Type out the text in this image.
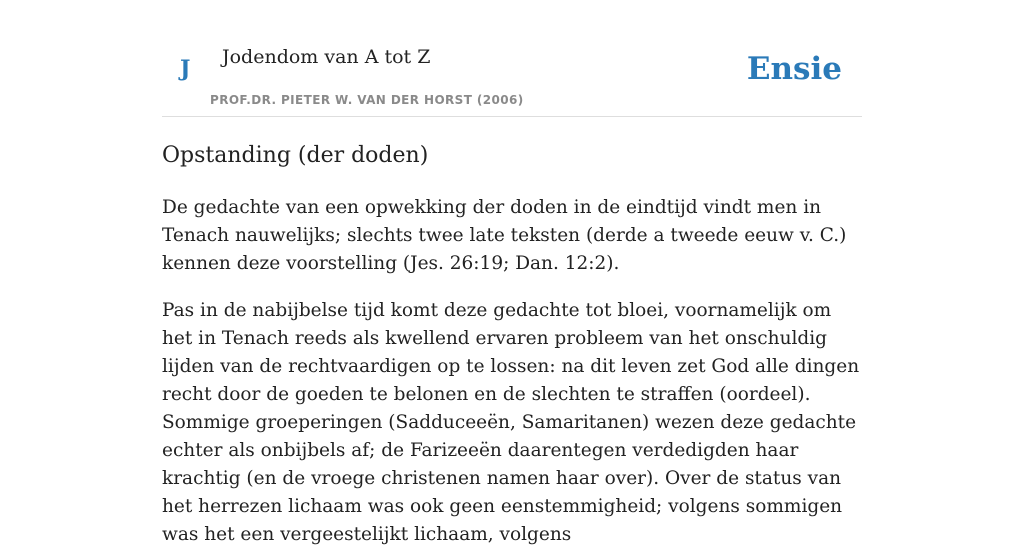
J Jodendom van A tot Z
PROF.DR. PIETER W. VAN DER HORST (2006)
Ensie
Opstanding (der doden)

De gedachte van een opwekking der doden in de eindtijd vindt men in Tenach nauwelijks; slechts twee late teksten (derde a tweede eeuw v. C.) kennen deze voorstelling (Jes. 26:19; Dan. 12:2).

Pas in de nabijbelse tijd komt deze gedachte tot bloei, voornamelijk om het in Tenach reeds als kwellend ervaren probleem van het onschuldig lijden van de rechtvaardigen op te lossen: na dit leven zet God alle dingen recht door de goeden te belonen en de slechten te straffen (oordeel). Sommige groeperingen (Sadduceeën, Samaritanen) wezen deze gedachte echter als onbijbels af; de Farizeeën daarentegen verdedigden haar krachtig (en de vroege christenen namen haar over). Over de status van het herrezen lichaam was ook geen eenstemmigheid; volgens sommigen was het een vergeestelijkt lichaam, volgens
